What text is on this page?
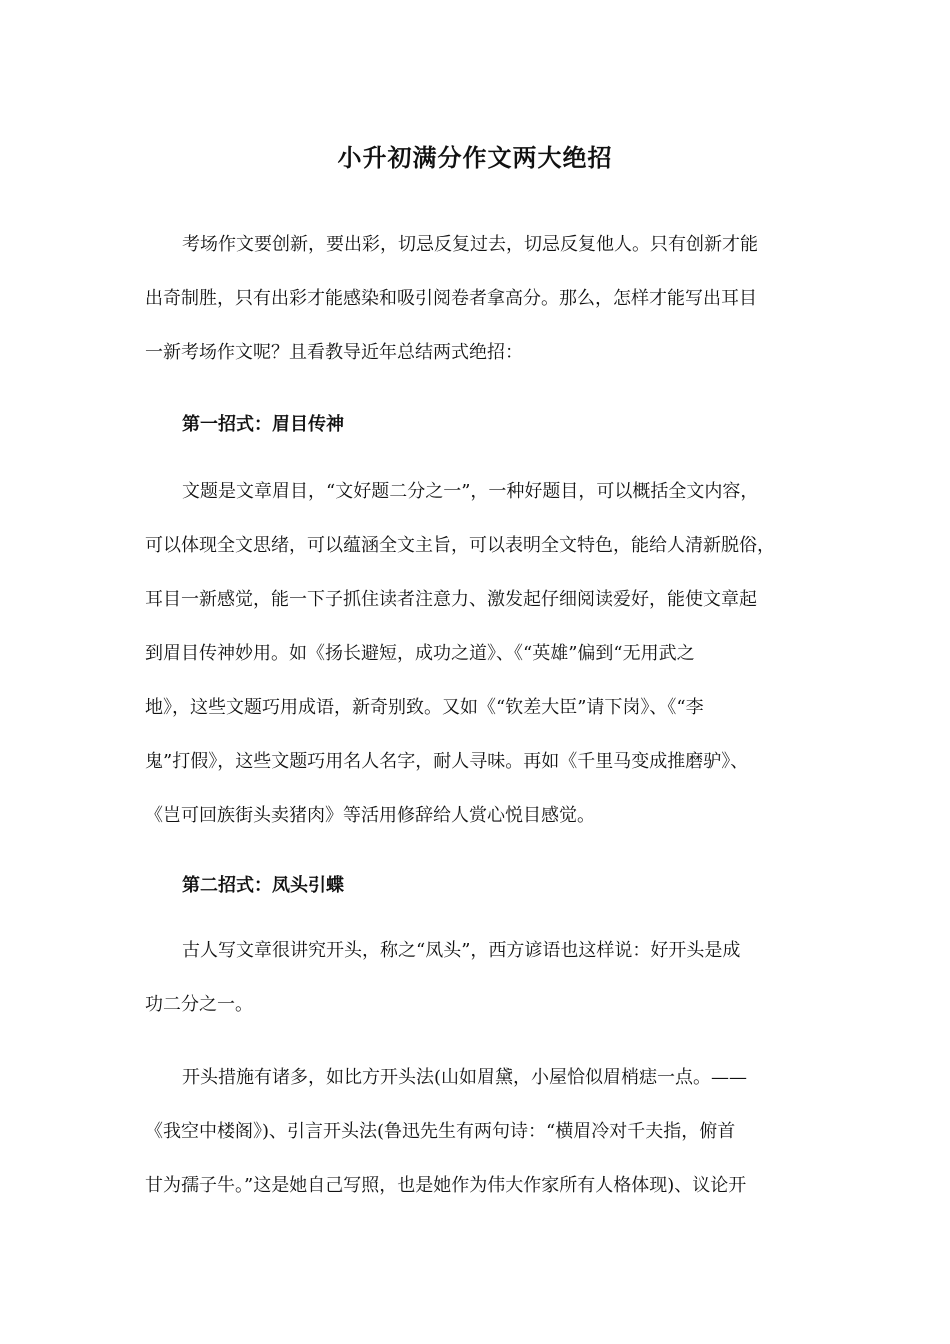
小升初满分作文两大绝招
考场作文要创新，要出彩，切忌反复过去，切忌反复他人。只有创新才能
出奇制胜，只有出彩才能感染和吸引阅卷者拿高分。那么，怎样才能写出耳目
一新考场作文呢？且看教导近年总结两式绝招：
第一招式：眉目传神
文题是文章眉目，“文好题二分之一”，一种好题目，可以概括全文内容，
可以体现全文思绪，可以蕴涵全文主旨，可以表明全文特色，能给人清新脱俗，
耳目一新感觉，能一下子抓住读者注意力、激发起仔细阅读爱好，能使文章起
到眉目传神妙用。如《扬长避短，成功之道》、《“英雄”偏到“无用武之
地》，这些文题巧用成语，新奇别致。又如《“钦差大臣”请下岗》、《“李
鬼”打假》，这些文题巧用名人名字，耐人寻味。再如《千里马变成推磨驴》、
《岂可回族街头卖猪肉》等活用修辞给人赏心悦目感觉。
第二招式：凤头引蝶
古人写文章很讲究开头，称之“凤头”，西方谚语也这样说：好开头是成
功二分之一。
开头措施有诸多，如比方开头法(山如眉黛，小屋恰似眉梢痣一点。——
《我空中楼阁》)、引言开头法(鲁迅先生有两句诗：“横眉冷对千夫指，俯首
甘为孺子牛。”这是她自己写照，也是她作为伟大作家所有人格体现)、议论开
